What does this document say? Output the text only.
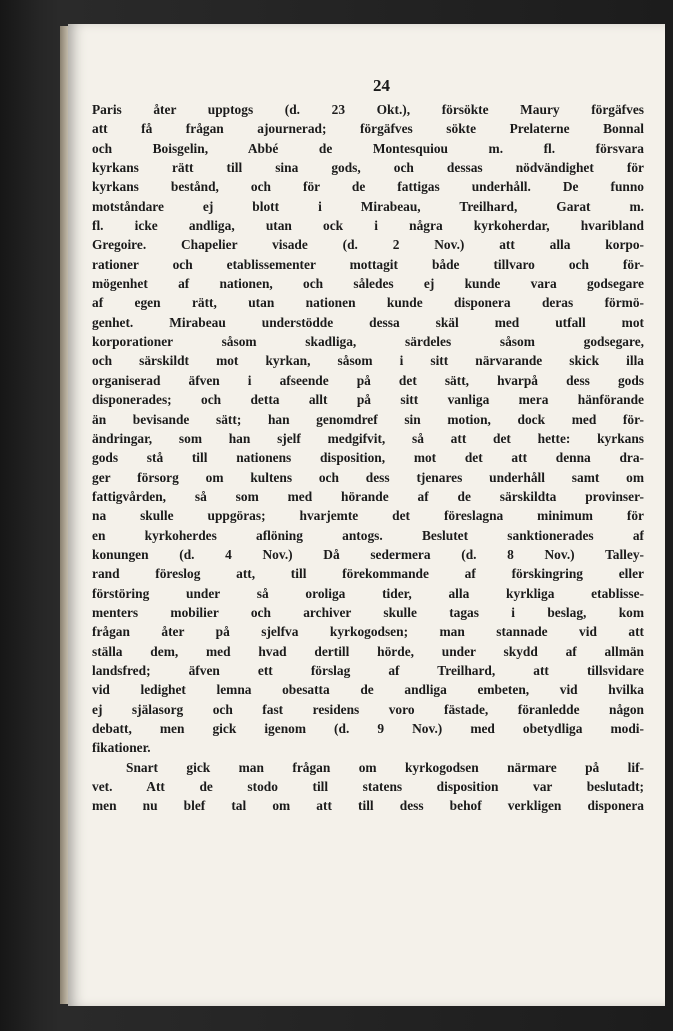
24
Paris åter upptogs (d. 23 Okt.), försökte Maury förgäfves
att få frågan ajournerad; förgäfves sökte Prelaterne Bonnal
och Boisgelin, Abbé de Montesquiou m. fl. försvara
kyrkans rätt till sina gods, och dessas nödvändighet för
kyrkans bestånd, och för de fattigas underhåll. De funno
motståndare ej blott i Mirabeau, Treilhard, Garat m.
fl. icke andliga, utan ock i några kyrkoherdar, hvaribland
Gregoire. Chapelier visade (d. 2 Nov.) att alla korpo-
rationer och etablissementer mottagit både tillvaro och för-
mögenhet af nationen, och således ej kunde vara godsegare
af egen rätt, utan nationen kunde disponera deras förmö-
genhet. Mirabeau understödde dessa skäl med utfall mot
korporationer såsom skadliga, särdeles såsom godsegare,
och särskildt mot kyrkan, såsom i sitt närvarande skick illa
organiserad äfven i afseende på det sätt, hvarpå dess gods
disponerades; och detta allt på sitt vanliga mera hänförande
än bevisande sätt; han genomdref sin motion, dock med för-
ändringar, som han sjelf medgifvit, så att det hette: kyrkans
gods stå till nationens disposition, mot det att denna dra-
ger försorg om kultens och dess tjenares underhåll samt om
fattigvården, så som med hörande af de särskildta provinser-
na skulle uppgöras; hvarjemte det föreslagna minimum för
en kyrkoherdes aflöning antogs. Beslutet sanktionerades af
konungen (d. 4 Nov.) Då sedermera (d. 8 Nov.) Talley-
rand föreslog att, till förekommande af förskingring eller
förstöring under så oroliga tider, alla kyrkliga etablisse-
menters mobilier och archiver skulle tagas i beslag, kom
frågan åter på sjelfva kyrkogodsen; man stannade vid att
ställa dem, med hvad dertill hörde, under skydd af allmän
landsfred; äfven ett förslag af Treilhard, att tillsvidare
vid ledighet lemna obesatta de andliga embeten, vid hvilka
ej själasorg och fast residens voro fästade, föranledde någon
debatt, men gick igenom (d. 9 Nov.) med obetydliga modi-
fikationer.
Snart gick man frågan om kyrkogodsen närmare på lif-
vet. Att de stodo till statens disposition var beslutadt;
men nu blef tal om att till dess behof verkligen disponera
